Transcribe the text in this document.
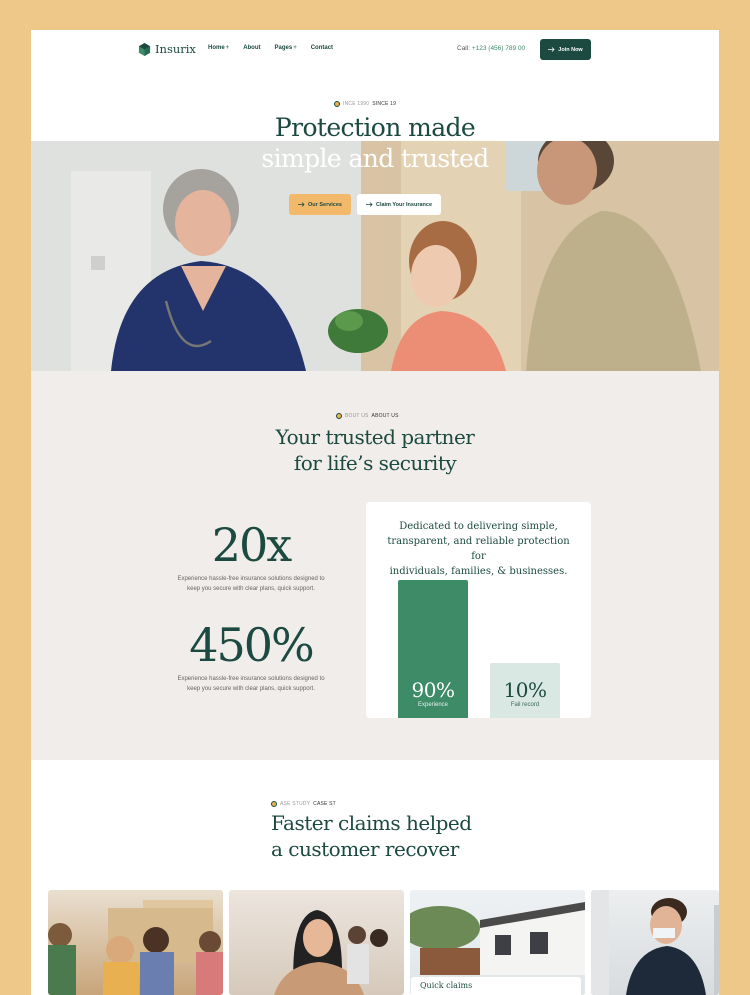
Insurix Home + About Pages + Contact	Call: +123 (456) 789 00	Join Now
INCE 1990 SINCE 19
Protection made
simple and trusted
Our Services	Claim Your Insurance
BOUT US ABOUT US
Your trusted partner
for life’s security
20x
Experience hassle-free insurance solutions designed to
keep you secure with clear plans, quick support.
450%
Experience hassle-free insurance solutions designed to
keep you secure with clear plans, quick support.
Dedicated to delivering simple,
transparent, and reliable protection for
individuals, families, & businesses.
90%
Experience
10%
Fail record
ASE STUDY CASE ST
Faster claims helped
a customer recover
Quick claims
